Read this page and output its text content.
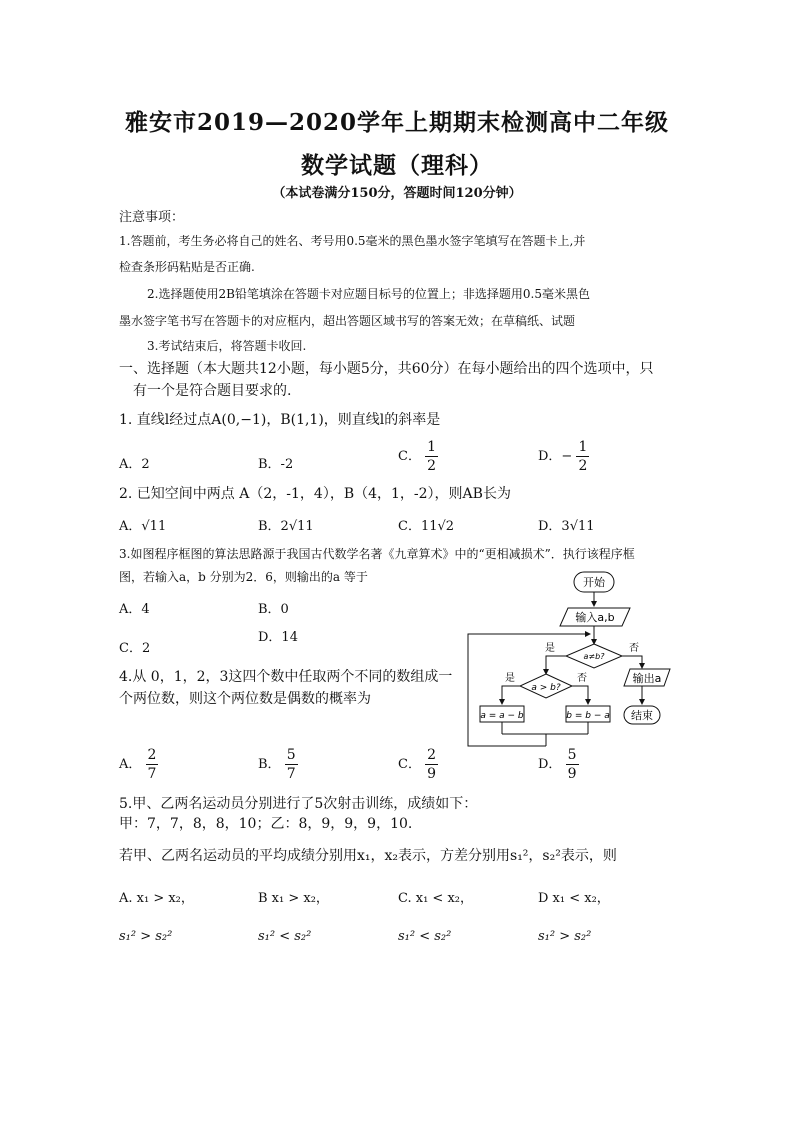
雅安市2019—2020学年上期期末检测高中二年级
数学试题（理科）
（本试卷满分150分，答题时间120分钟）
注意事项：
1.答题前，考生务必将自己的姓名、考号用0.5毫米的黑色墨水签字笔填写在答题卡上,并
检查条形码粘贴是否正确.
2.选择题使用2B铅笔填涂在答题卡对应题目标号的位置上；非选择题用0.5毫米黑色
墨水签字笔书写在答题卡的对应框内，超出答题区域书写的答案无效；在草稿纸、试题
3.考试结束后，将答题卡收回.
一、选择题（本大题共12小题，每小题5分，共60分）在每小题给出的四个选项中，只
有一个是符合题目要求的.
1. 直线l经过点A(0,−1)，B(1,1)，则直线l的斜率是
A．2	B．-2
C． $\frac{1}{2}$	D．− $\frac{1}{2}$
2. 已知空间中两点 A（2，-1，4），B（4，1，-2），则AB长为
A．√11	B．2√11	C．11√2	D．3√11
3.如图程序框图的算法思路源于我国古代数学名著《九章算术》中的“更相减损术”．执行该程序框
图，若输入a，b 分别为2．6，则输出的a 等于
A．4	B．0
C．2
D．14
开始
输入a,b
a≠b?
是	否
输出a
结束
a > b?
是	否
a = a − b	b = b − a
4.从 0，1，2，3这四个数中任取两个不同的数组成一
个两位数，则这个两位数是偶数的概率为
A． $\frac{2}{7}$	B． $\frac{5}{7}$	C． $\frac{2}{9}$	D． $\frac{5}{9}$
5.甲、乙两名运动员分别进行了5次射击训练，成绩如下：
甲：7，7，8，8，10；乙：8，9，9，9，10.
若甲、乙两名运动员的平均成绩分别用x₁，x₂表示，方差分别用s₁²，s₂²表示，则
A. x₁ > x₂，	B x₁ > x₂，	C. x₁ < x₂，	D x₁ < x₂，
s₁² > s₂²	s₁² < s₂²	s₁² < s₂²	s₁² > s₂²
